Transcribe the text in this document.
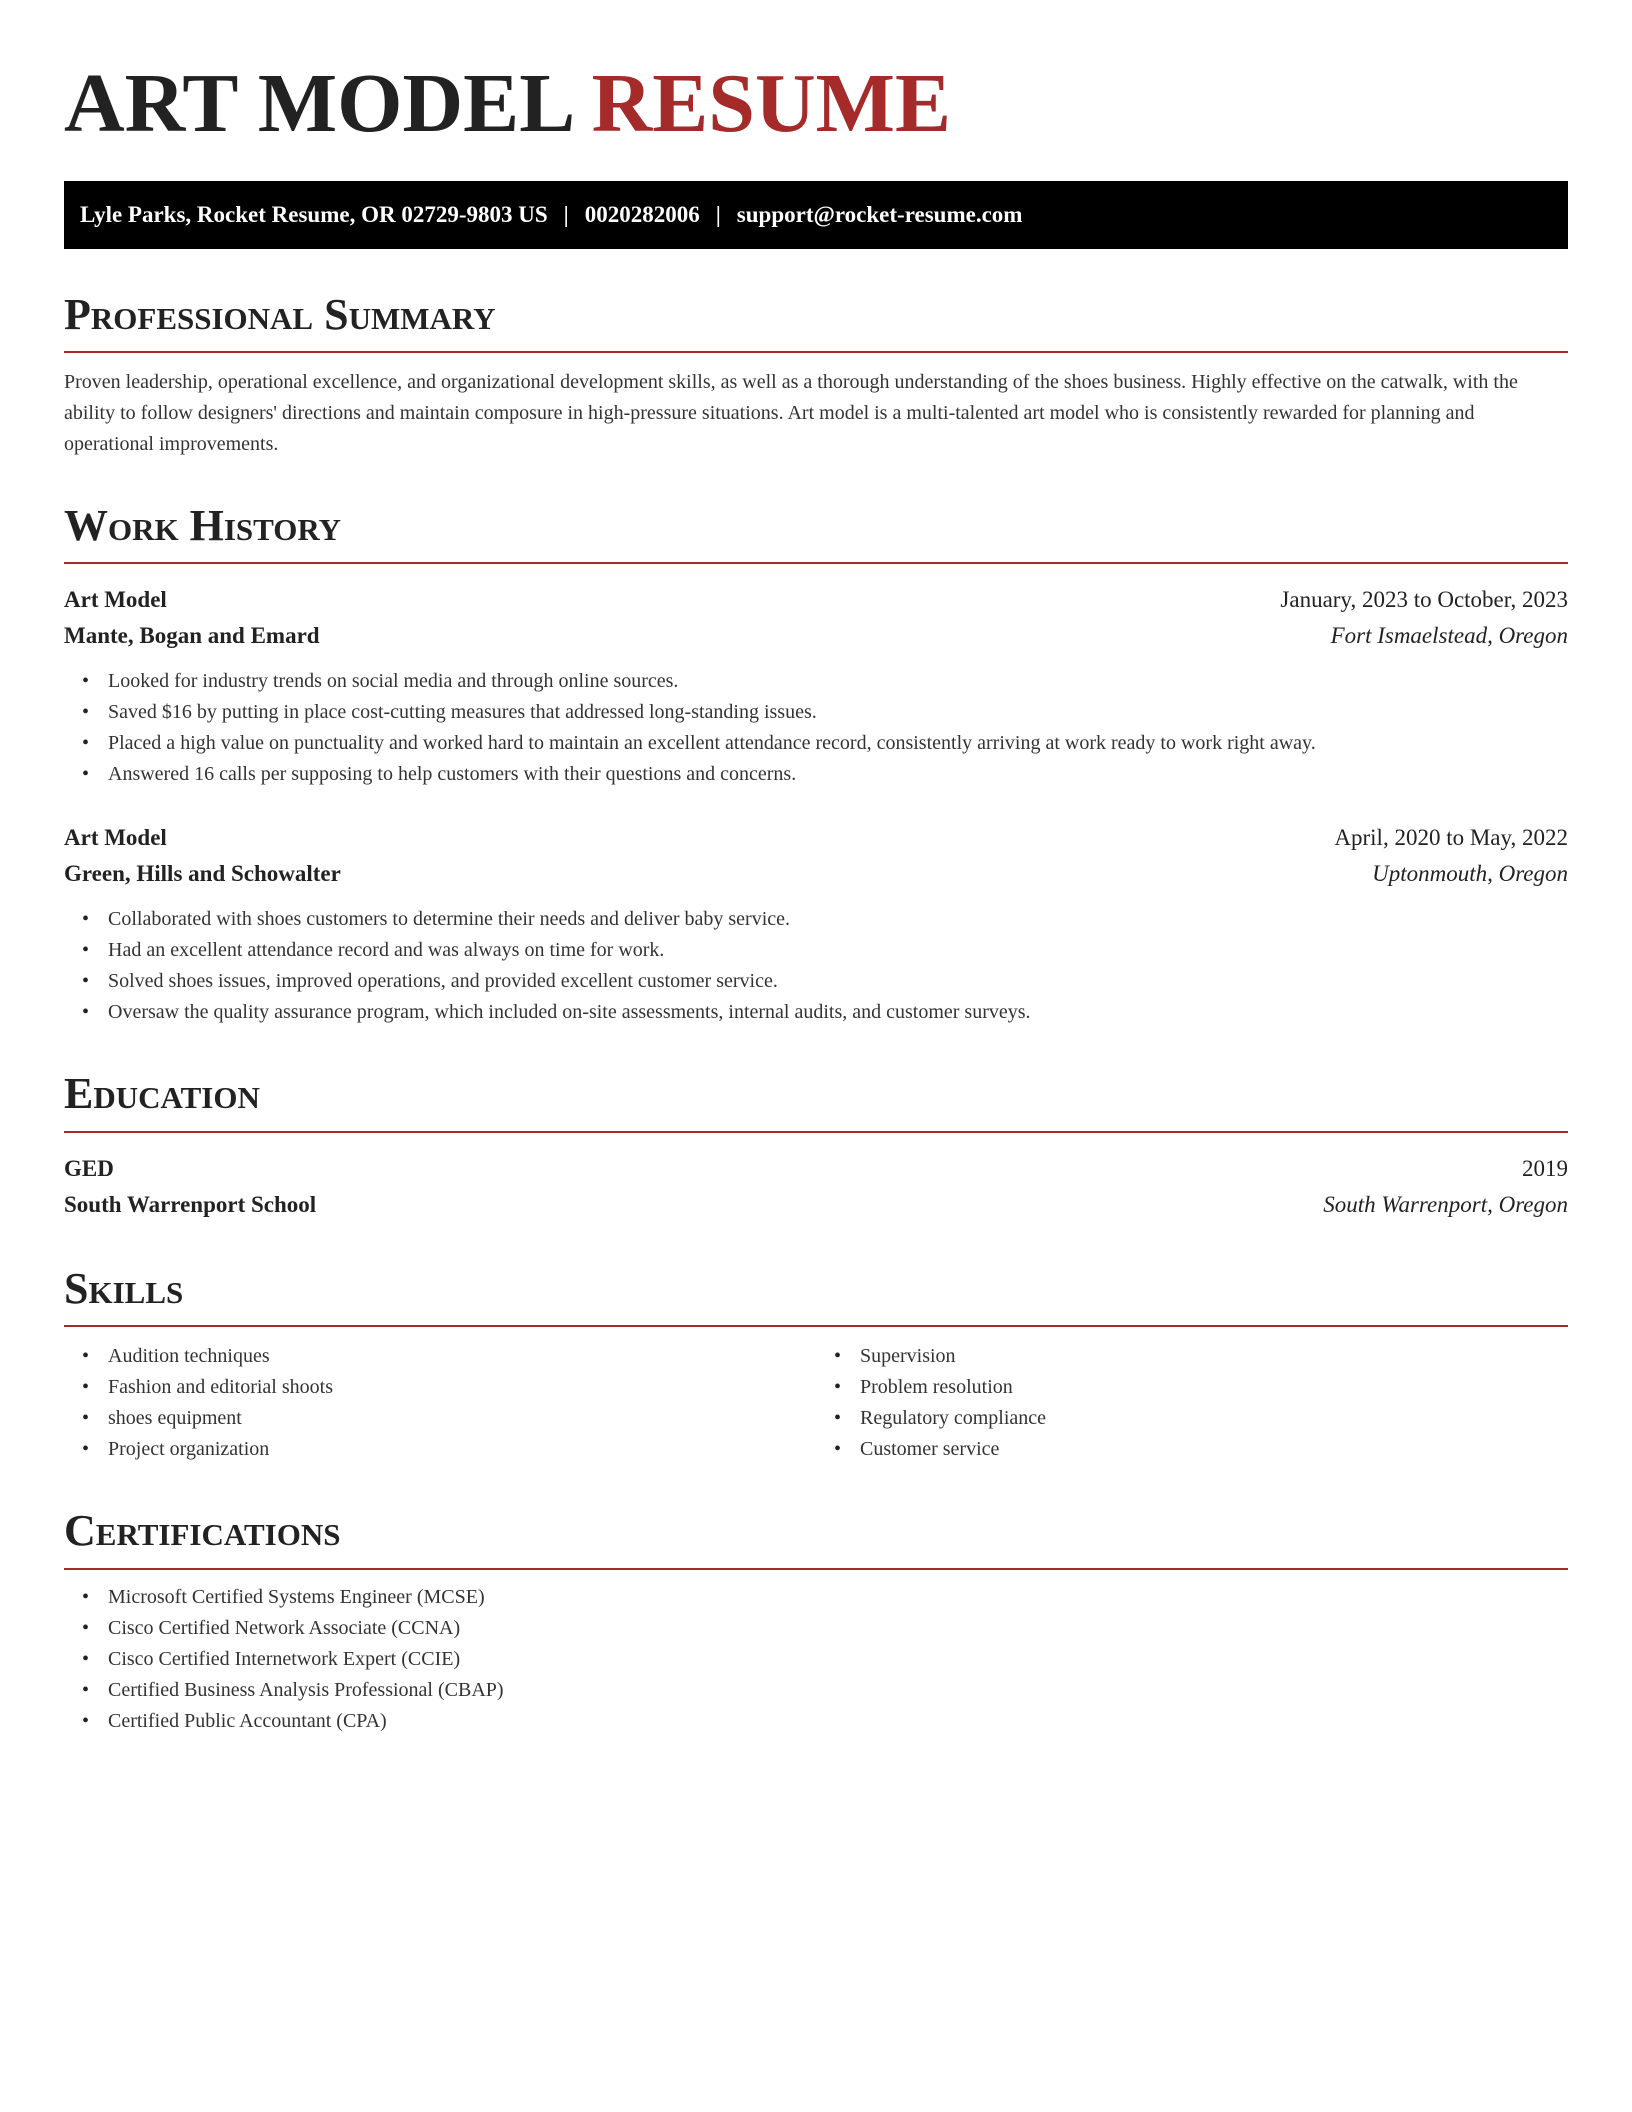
ART MODEL RESUME
Lyle Parks, Rocket Resume, OR 02729-9803 US | 0020282006 | support@rocket-resume.com
Professional Summary

Proven leadership, operational excellence, and organizational development skills, as well as a thorough understanding of the shoes business. Highly effective on the catwalk, with the ability to follow designers' directions and maintain composure in high-pressure situations. Art model is a multi-talented art model who is consistently rewarded for planning and operational improvements.

Work History
Art Model	January, 2023 to October, 2023
Mante, Bogan and Emard	Fort Ismaelstead, Oregon
• Looked for industry trends on social media and through online sources.
• Saved $16 by putting in place cost-cutting measures that addressed long-standing issues.
• Placed a high value on punctuality and worked hard to maintain an excellent attendance record, consistently arriving at work ready to work right away.
• Answered 16 calls per supposing to help customers with their questions and concerns.
Art Model	April, 2020 to May, 2022
Green, Hills and Schowalter	Uptonmouth, Oregon
• Collaborated with shoes customers to determine their needs and deliver baby service.
• Had an excellent attendance record and was always on time for work.
• Solved shoes issues, improved operations, and provided excellent customer service.
• Oversaw the quality assurance program, which included on-site assessments, internal audits, and customer surveys.
Education
GED	2019
South Warrenport School	South Warrenport, Oregon
Skills
• Audition techniques
• Fashion and editorial shoots
• shoes equipment
• Project organization
• Supervision
• Problem resolution
• Regulatory compliance
• Customer service
Certifications
• Microsoft Certified Systems Engineer (MCSE)
• Cisco Certified Network Associate (CCNA)
• Cisco Certified Internetwork Expert (CCIE)
• Certified Business Analysis Professional (CBAP)
• Certified Public Accountant (CPA)
